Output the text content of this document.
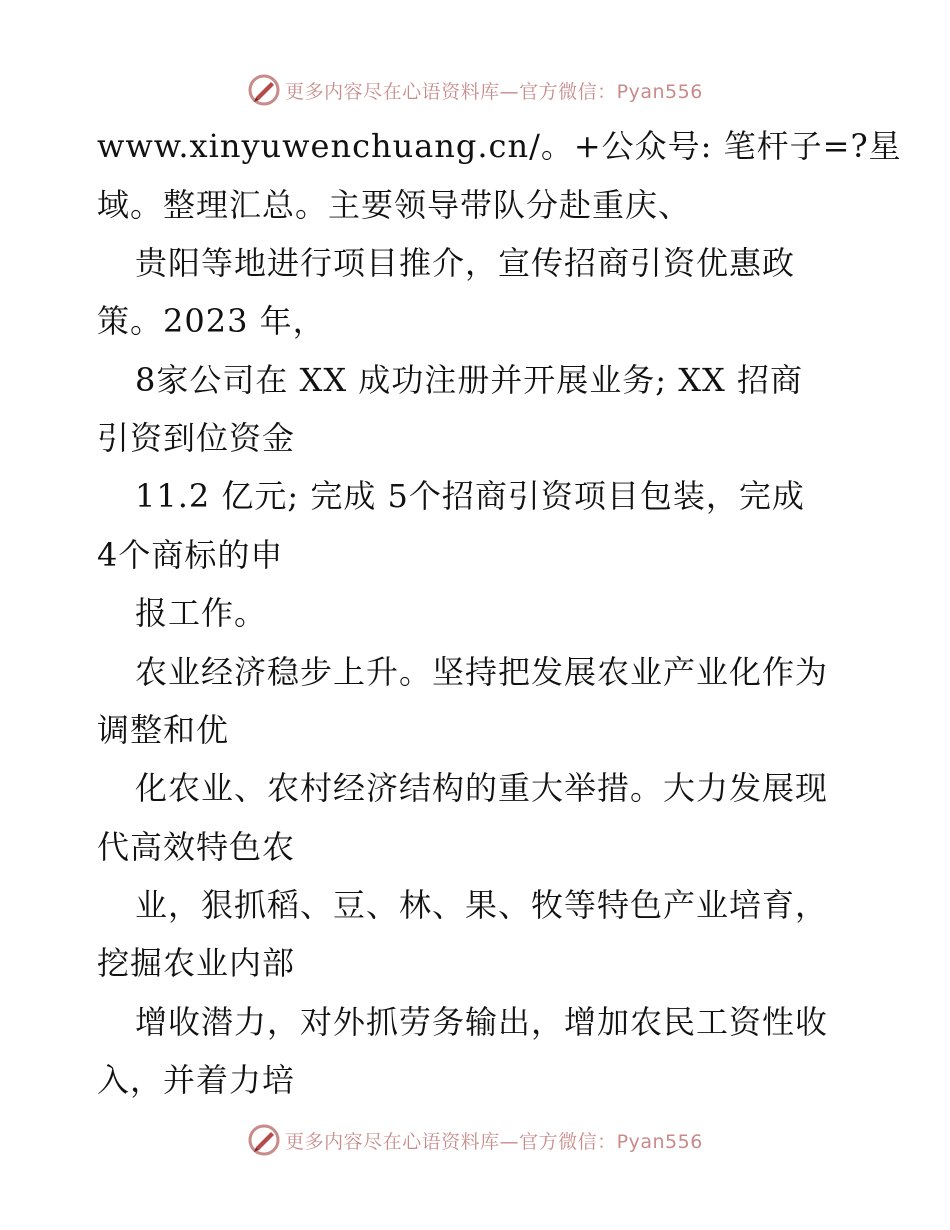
更多内容尽在心语资料库—官方微信：Pyan556
www.xinyuwenchuang.cn/。+公众号: 笔杆子=?星
域。整理汇总。主要领导带队分赴重庆、
贵阳等地进行项目推介，宣传招商引资优惠政
策。2023 年，
8家公司在 XX 成功注册并开展业务; XX 招商
引资到位资金
11.2 亿元; 完成 5个招商引资项目包装，完成
4个商标的申
报工作。
农业经济稳步上升。坚持把发展农业产业化作为
调整和优
化农业、农村经济结构的重大举措。大力发展现
代高效特色农
业，狠抓稻、豆、林、果、牧等特色产业培育，
挖掘农业内部
增收潜力，对外抓劳务输出，增加农民工资性收
入，并着力培
更多内容尽在心语资料库—官方微信：Pyan556
